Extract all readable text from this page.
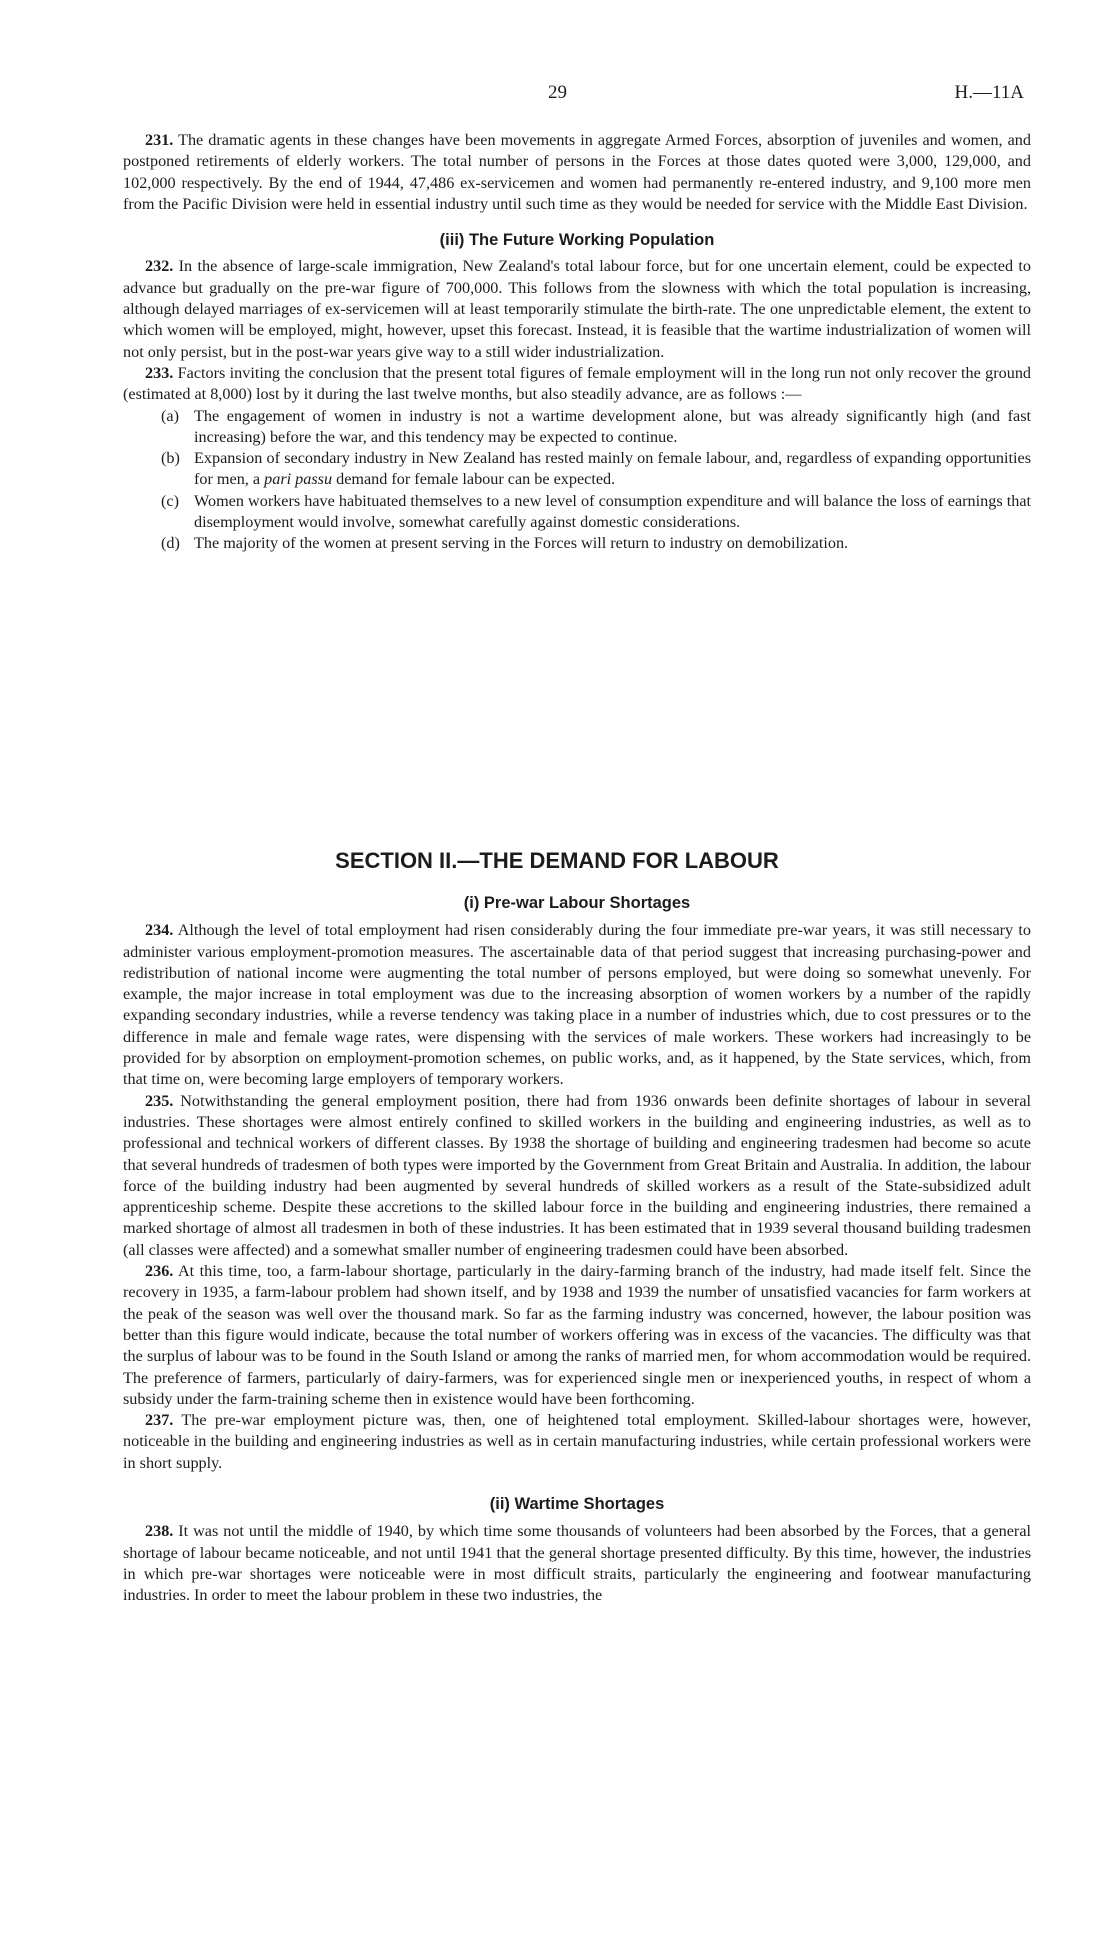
29	H.—11A

231. The dramatic agents in these changes have been movements in aggregate Armed Forces, absorption of juveniles and women, and postponed retirements of elderly workers. The total number of persons in the Forces at those dates quoted were 3,000, 129,000, and 102,000 respectively. By the end of 1944, 47,486 ex-servicemen and women had permanently re-entered industry, and 9,100 more men from the Pacific Division were held in essential industry until such time as they would be needed for service with the Middle East Division.

(iii) The Future Working Population

232. In the absence of large-scale immigration, New Zealand's total labour force, but for one uncertain element, could be expected to advance but gradually on the pre-war figure of 700,000. This follows from the slowness with which the total population is increasing, although delayed marriages of ex-servicemen will at least temporarily stimulate the birth-rate. The one unpredictable element, the extent to which women will be employed, might, however, upset this forecast. Instead, it is feasible that the wartime industrialization of women will not only persist, but in the post-war years give way to a still wider industrialization.

233. Factors inviting the conclusion that the present total figures of female employment will in the long run not only recover the ground (estimated at 8,000) lost by it during the last twelve months, but also steadily advance, are as follows :—

(a) The engagement of women in industry is not a wartime development alone, but was already significantly high (and fast increasing) before the war, and this tendency may be expected to continue.

(b) Expansion of secondary industry in New Zealand has rested mainly on female labour, and, regardless of expanding opportunities for men, a pari passu demand for female labour can be expected.

(c) Women workers have habituated themselves to a new level of consumption expenditure and will balance the loss of earnings that disemployment would involve, somewhat carefully against domestic considerations.

(d) The majority of the women at present serving in the Forces will return to industry on demobilization.

SECTION II.—THE DEMAND FOR LABOUR

(i) Pre-war Labour Shortages

234. Although the level of total employment had risen considerably during the four immediate pre-war years, it was still necessary to administer various employment-promotion measures. The ascertainable data of that period suggest that increasing purchasing-power and redistribution of national income were augmenting the total number of persons employed, but were doing so somewhat unevenly. For example, the major increase in total employment was due to the increasing absorption of women workers by a number of the rapidly expanding secondary industries, while a reverse tendency was taking place in a number of industries which, due to cost pressures or to the difference in male and female wage rates, were dispensing with the services of male workers. These workers had increasingly to be provided for by absorption on employment-promotion schemes, on public works, and, as it happened, by the State services, which, from that time on, were becoming large employers of temporary workers.

235. Notwithstanding the general employment position, there had from 1936 onwards been definite shortages of labour in several industries. These shortages were almost entirely confined to skilled workers in the building and engineering industries, as well as to professional and technical workers of different classes. By 1938 the shortage of building and engineering tradesmen had become so acute that several hundreds of tradesmen of both types were imported by the Government from Great Britain and Australia. In addition, the labour force of the building industry had been augmented by several hundreds of skilled workers as a result of the State-subsidized adult apprenticeship scheme. Despite these accretions to the skilled labour force in the building and engineering industries, there remained a marked shortage of almost all tradesmen in both of these industries. It has been estimated that in 1939 several thousand building tradesmen (all classes were affected) and a somewhat smaller number of engineering tradesmen could have been absorbed.

236. At this time, too, a farm-labour shortage, particularly in the dairy-farming branch of the industry, had made itself felt. Since the recovery in 1935, a farm-labour problem had shown itself, and by 1938 and 1939 the number of unsatisfied vacancies for farm workers at the peak of the season was well over the thousand mark. So far as the farming industry was concerned, however, the labour position was better than this figure would indicate, because the total number of workers offering was in excess of the vacancies. The difficulty was that the surplus of labour was to be found in the South Island or among the ranks of married men, for whom accommodation would be required. The preference of farmers, particularly of dairy-farmers, was for experienced single men or inexperienced youths, in respect of whom a subsidy under the farm-training scheme then in existence would have been forthcoming.

237. The pre-war employment picture was, then, one of heightened total employment. Skilled-labour shortages were, however, noticeable in the building and engineering industries as well as in certain manufacturing industries, while certain professional workers were in short supply.

(ii) Wartime Shortages

238. It was not until the middle of 1940, by which time some thousands of volunteers had been absorbed by the Forces, that a general shortage of labour became noticeable, and not until 1941 that the general shortage presented difficulty. By this time, however, the industries in which pre-war shortages were noticeable were in most difficult straits, particularly the engineering and footwear manufacturing industries. In order to meet the labour problem in these two industries, the
